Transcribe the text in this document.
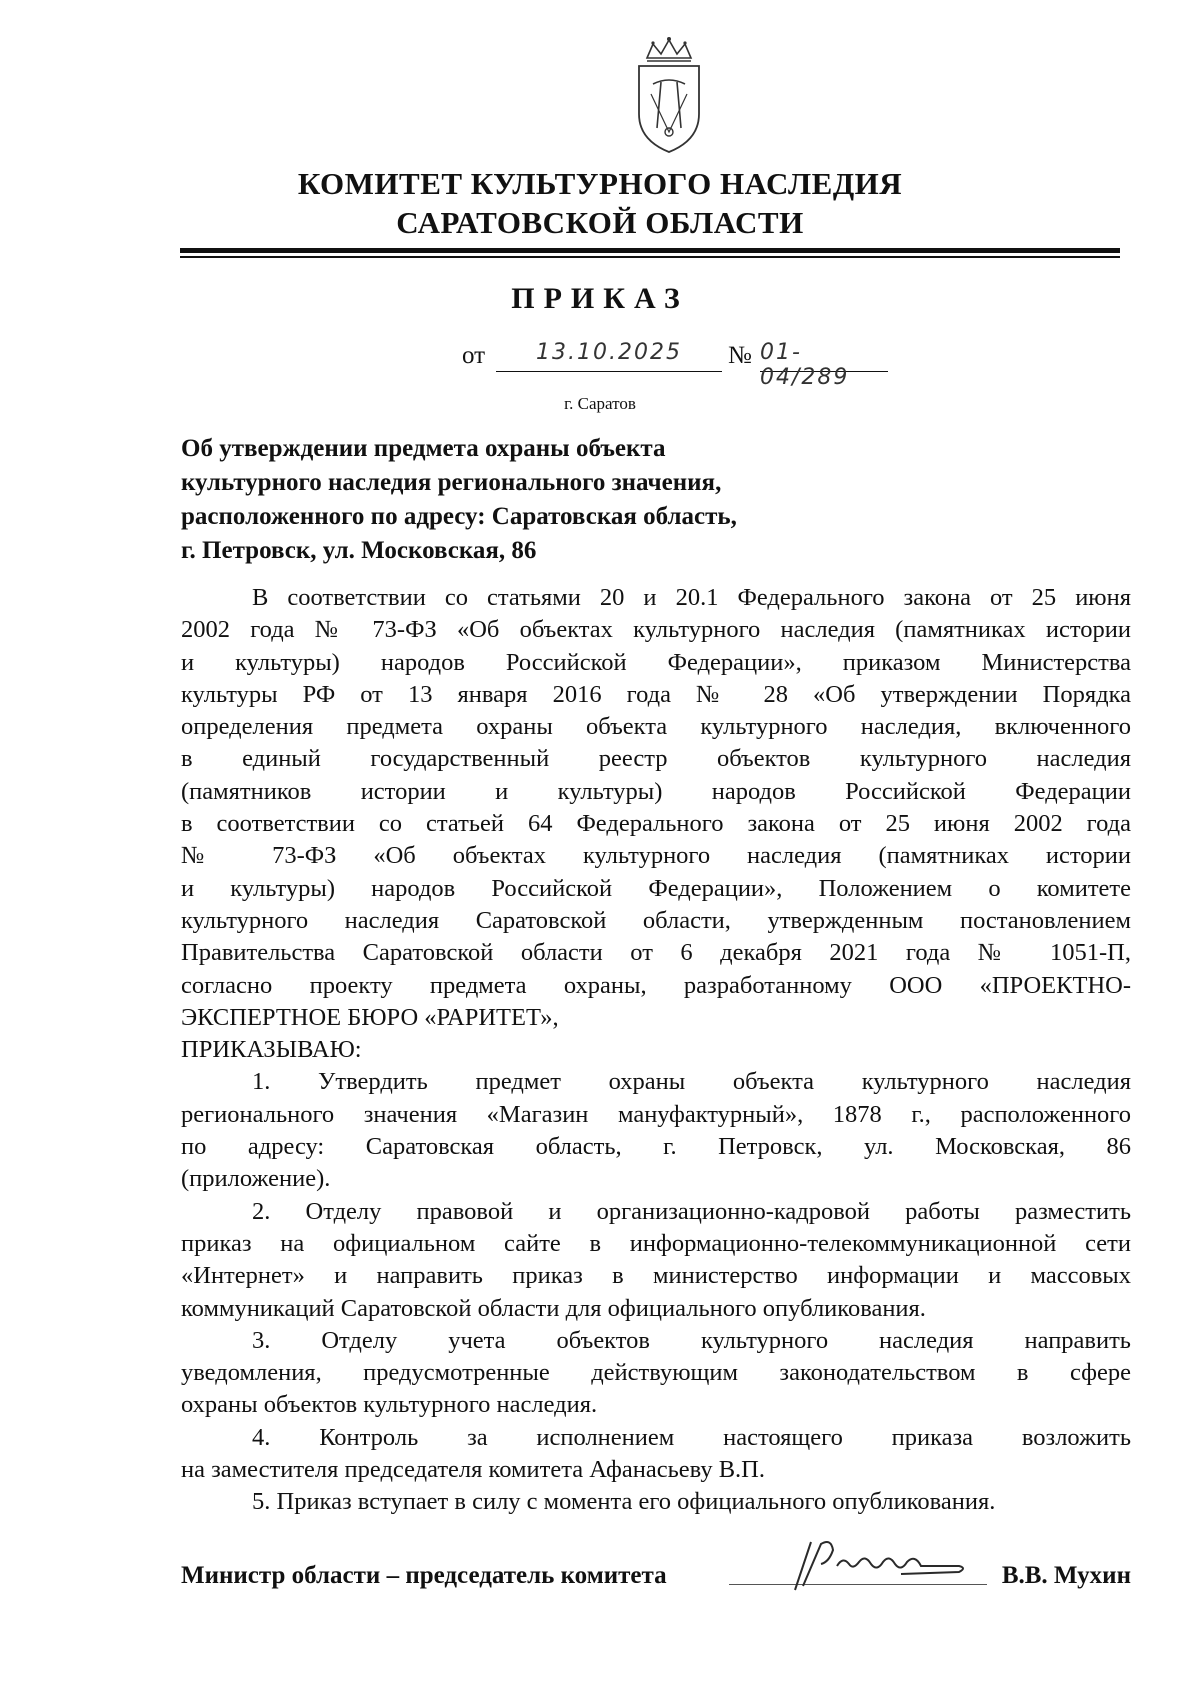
КОМИТЕТ КУЛЬТУРНОГО НАСЛЕДИЯ
САРАТОВСКОЙ ОБЛАСТИ
ПРИКАЗ
от	13.10.2025	№ 01-04/289
г. Саратов
Об утверждении предмета охраны объекта
культурного наследия регионального значения,
расположенного по адресу: Саратовская область,
г. Петровск, ул. Московская, 86

В соответствии со статьями 20 и 20.1 Федерального закона от 25 июня

2002 года № 73-ФЗ «Об объектах культурного наследия (памятниках истории

и культуры) народов Российской Федерации», приказом Министерства

культуры РФ от 13 января 2016 года № 28 «Об утверждении Порядка

определения предмета охраны объекта культурного наследия, включенного

в единый государственный реестр объектов культурного наследия

(памятников истории и культуры) народов Российской Федерации

в соответствии со статьей 64 Федерального закона от 25 июня 2002 года

№ 73-ФЗ «Об объектах культурного наследия (памятниках истории

и культуры) народов Российской Федерации», Положением о комитете

культурного наследия Саратовской области, утвержденным постановлением

Правительства Саратовской области от 6 декабря 2021 года № 1051-П,

согласно проекту предмета охраны, разработанному ООО «ПРОЕКТНО-

ЭКСПЕРТНОЕ БЮРО «РАРИТЕТ»,

ПРИКАЗЫВАЮ:

1. Утвердить предмет охраны объекта культурного наследия

регионального значения «Магазин мануфактурный», 1878 г., расположенного

по адресу: Саратовская область, г. Петровск, ул. Московская, 86

(приложение).

2. Отделу правовой и организационно-кадровой работы разместить

приказ на официальном сайте в информационно-телекоммуникационной сети

«Интернет» и направить приказ в министерство информации и массовых

коммуникаций Саратовской области для официального опубликования.

3. Отделу учета объектов культурного наследия направить

уведомления, предусмотренные действующим законодательством в сфере

охраны объектов культурного наследия.

4. Контроль за исполнением настоящего приказа возложить

на заместителя председателя комитета Афанасьеву В.П.

5. Приказ вступает в силу с момента его официального опубликования.

Министр области – председатель комитета	В.В. Мухин
